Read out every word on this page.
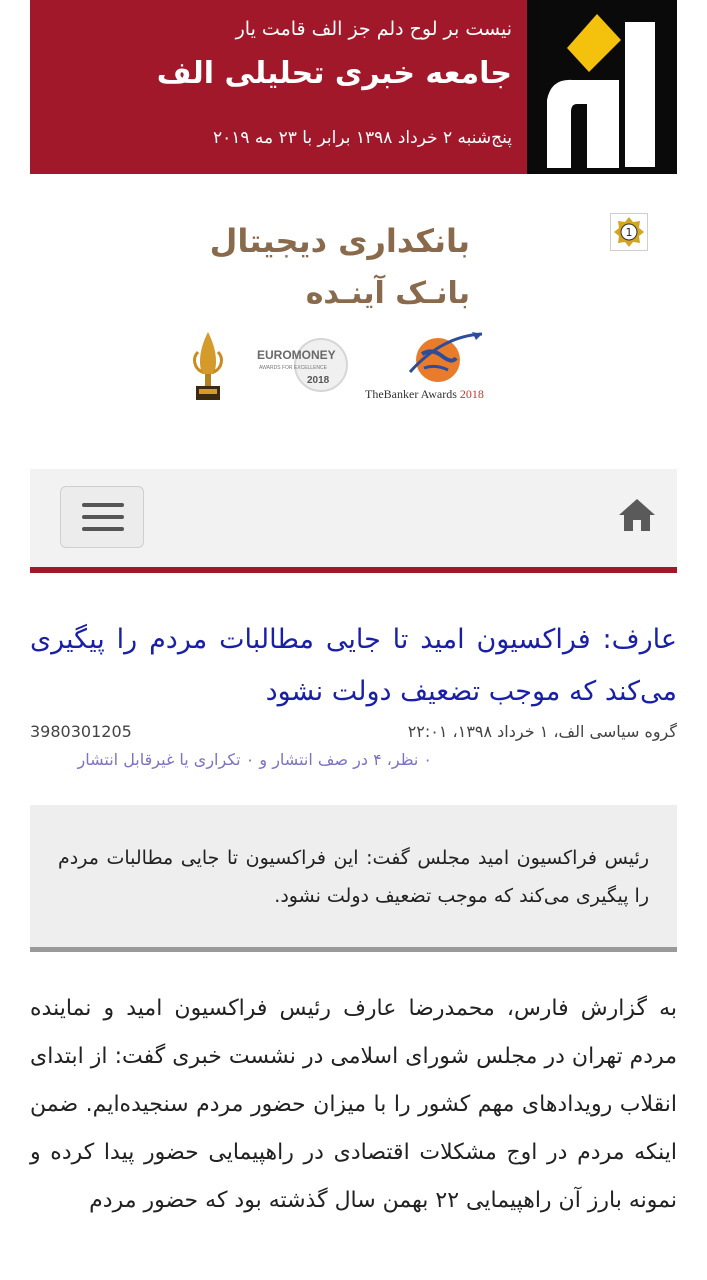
نیست بر لوح دلم جز الف قامت یار
جامعه خبری تحلیلی الف
پنج‌شنبه ۲ خرداد ۱۳۹۸ برابر با ۲۳ مه ۲۰۱۹
1
بانکداری دیجیتال
بانـک آینـده
EUROMONEY
AWARDS FOR EXCELLENCE
2018
TheBanker Awards 2018
عارف: فراکسیون امید تا جایی مطالبات مردم را پیگیری می‌کند که موجب تضعیف دولت نشود
3980301205	گروه سیاسی الف، ۱ خرداد ۱۳۹۸، ۲۲:۰۱
۰ نظر، ۴ در صف انتشار و ۰ تکراری یا غیرقابل انتشار
رئیس فراکسیون امید مجلس گفت: این فراکسیون تا جایی مطالبات مردم را پیگیری می‌کند که موجب تضعیف دولت نشود.
به گزارش فارس، محمدرضا عارف رئیس فراکسیون امید و نماینده مردم تهران در مجلس شورای اسلامی در نشست خبری گفت: از ابتدای انقلاب رویدادهای مهم کشور را با میزان حضور مردم سنجیده‌ایم. ضمن اینکه مردم در اوج مشکلات اقتصادی در راهپیمایی حضور پیدا کرده و نمونه بارز آن راهپیمایی ۲۲ بهمن سال گذشته بود که حضور مردم
